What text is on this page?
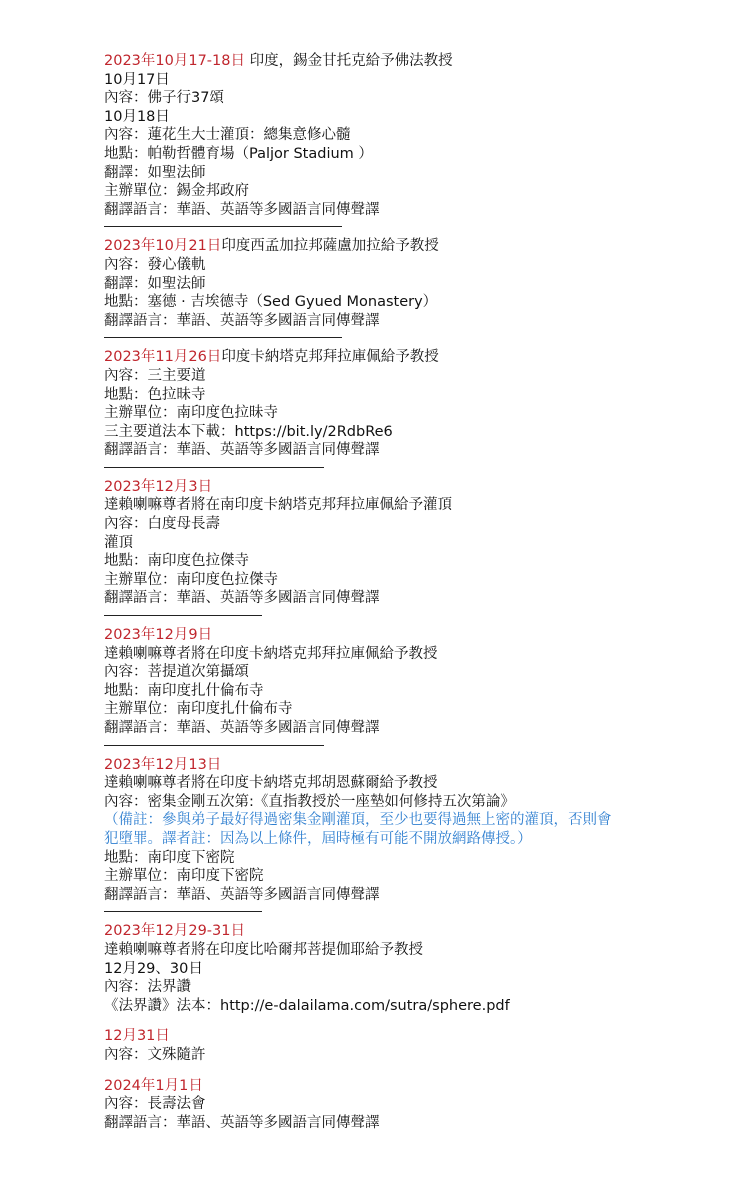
2023年10月17-18日 印度，錫金甘托克給予佛法教授
10月17日
內容：佛子行37頌
10月18日
內容：蓮花生大士灌頂：總集意修心髓
地點：帕勒哲體育場（Paljor Stadium ）
翻譯：如聖法師
主辦單位：錫金邦政府
翻譯語言：華語、英語等多國語言同傳聲譯
2023年10月21日印度西孟加拉邦薩盧加拉給予教授
內容：發心儀軌
翻譯：如聖法師
地點：塞德 · 吉埃德寺（Sed Gyued Monastery）
翻譯語言：華語、英語等多國語言同傳聲譯
2023年11月26日印度卡納塔克邦拜拉庫佩給予教授
內容：三主要道
地點：色拉昧寺
主辦單位：南印度色拉昧寺
三主要道法本下載：https://bit.ly/2RdbRe6
翻譯語言：華語、英語等多國語言同傳聲譯
2023年12月3日
達賴喇嘛尊者將在南印度卡納塔克邦拜拉庫佩給予灌頂
內容：白度母長壽
灌頂
地點：南印度色拉傑寺
主辦單位：南印度色拉傑寺
翻譯語言：華語、英語等多國語言同傳聲譯
2023年12月9日
達賴喇嘛尊者將在印度卡納塔克邦拜拉庫佩給予教授
內容：菩提道次第攝頌
地點：南印度扎什倫布寺
主辦單位：南印度扎什倫布寺
翻譯語言：華語、英語等多國語言同傳聲譯
2023年12月13日
達賴喇嘛尊者將在印度卡納塔克邦胡恩蘇爾給予教授
內容：密集金剛五次第:《直指教授於一座墊如何修持五次第論》
（備註：參與弟子最好得過密集金剛灌頂，至少也要得過無上密的灌頂，否則會犯墮罪。譯者註：因為以上條件，屆時極有可能不開放網路傳授。）
地點：南印度下密院
主辦單位：南印度下密院
翻譯語言：華語、英語等多國語言同傳聲譯
2023年12月29-31日
達賴喇嘛尊者將在印度比哈爾邦菩提伽耶給予教授
12月29、30日
內容：法界讚
《法界讚》法本：http://e-dalailama.com/sutra/sphere.pdf
12月31日
內容：文殊隨許
2024年1月1日
內容：長壽法會
翻譯語言：華語、英語等多國語言同傳聲譯
